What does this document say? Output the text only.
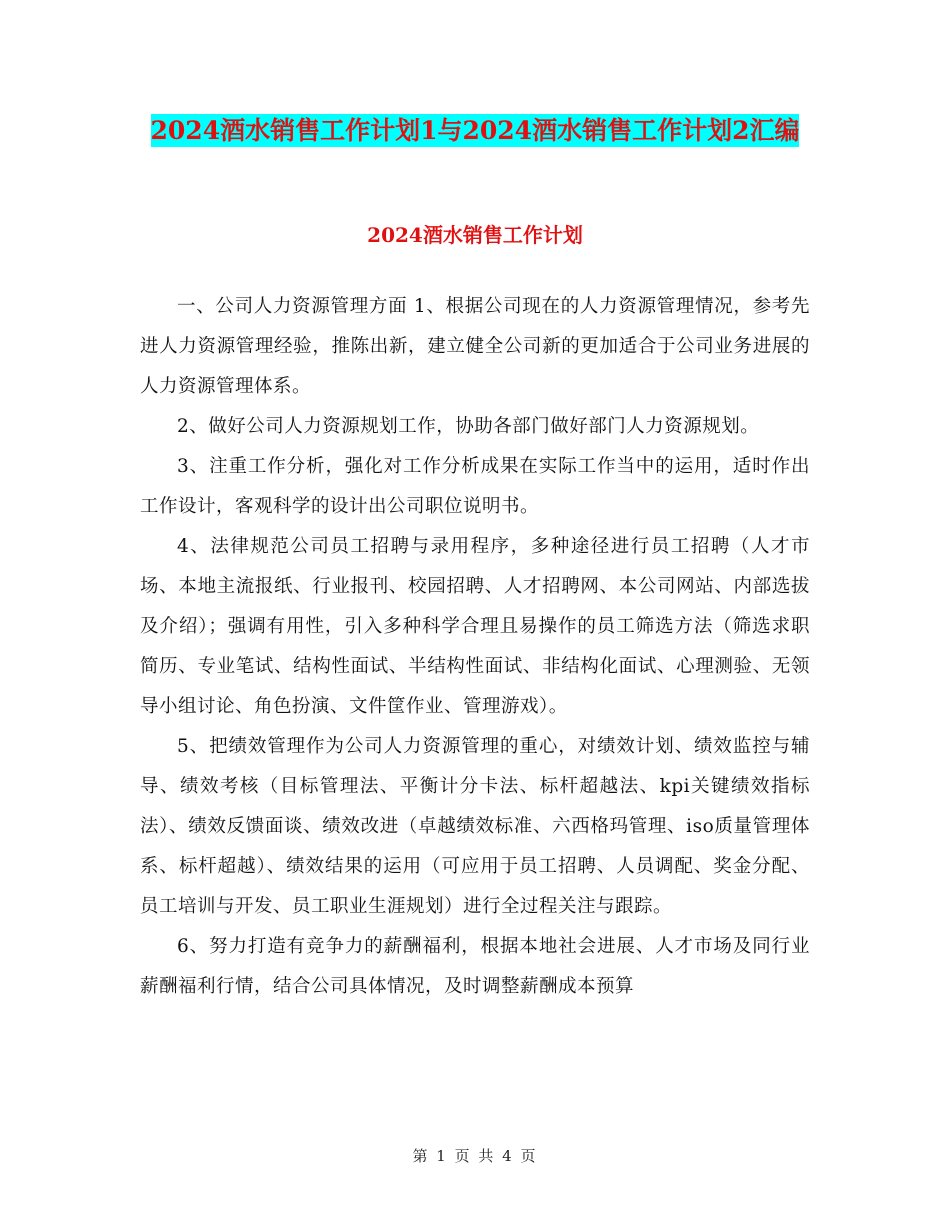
2024酒水销售工作计划1与2024酒水销售工作计划2汇编
2024酒水销售工作计划

一、公司人力资源管理方面 1、根据公司现在的人力资源管理情况，参考先进人力资源管理经验，推陈出新，建立健全公司新的更加适合于公司业务进展的人力资源管理体系。

2、做好公司人力资源规划工作，协助各部门做好部门人力资源规划。

3、注重工作分析，强化对工作分析成果在实际工作当中的运用，适时作出工作设计，客观科学的设计出公司职位说明书。

4、法律规范公司员工招聘与录用程序，多种途径进行员工招聘（人才市场、本地主流报纸、行业报刊、校园招聘、人才招聘网、本公司网站、内部选拔及介绍）；强调有用性，引入多种科学合理且易操作的员工筛选方法（筛选求职简历、专业笔试、结构性面试、半结构性面试、非结构化面试、心理测验、无领导小组讨论、角色扮演、文件筐作业、管理游戏）。

5、把绩效管理作为公司人力资源管理的重心，对绩效计划、绩效监控与辅导、绩效考核（目标管理法、平衡计分卡法、标杆超越法、kpi关键绩效指标法）、绩效反馈面谈、绩效改进（卓越绩效标准、六西格玛管理、iso质量管理体系、标杆超越）、绩效结果的运用（可应用于员工招聘、人员调配、奖金分配、员工培训与开发、员工职业生涯规划）进行全过程关注与跟踪。

6、努力打造有竞争力的薪酬福利，根据本地社会进展、人才市场及同行业薪酬福利行情，结合公司具体情况，及时调整薪酬成本预算

第 1 页 共 4 页
